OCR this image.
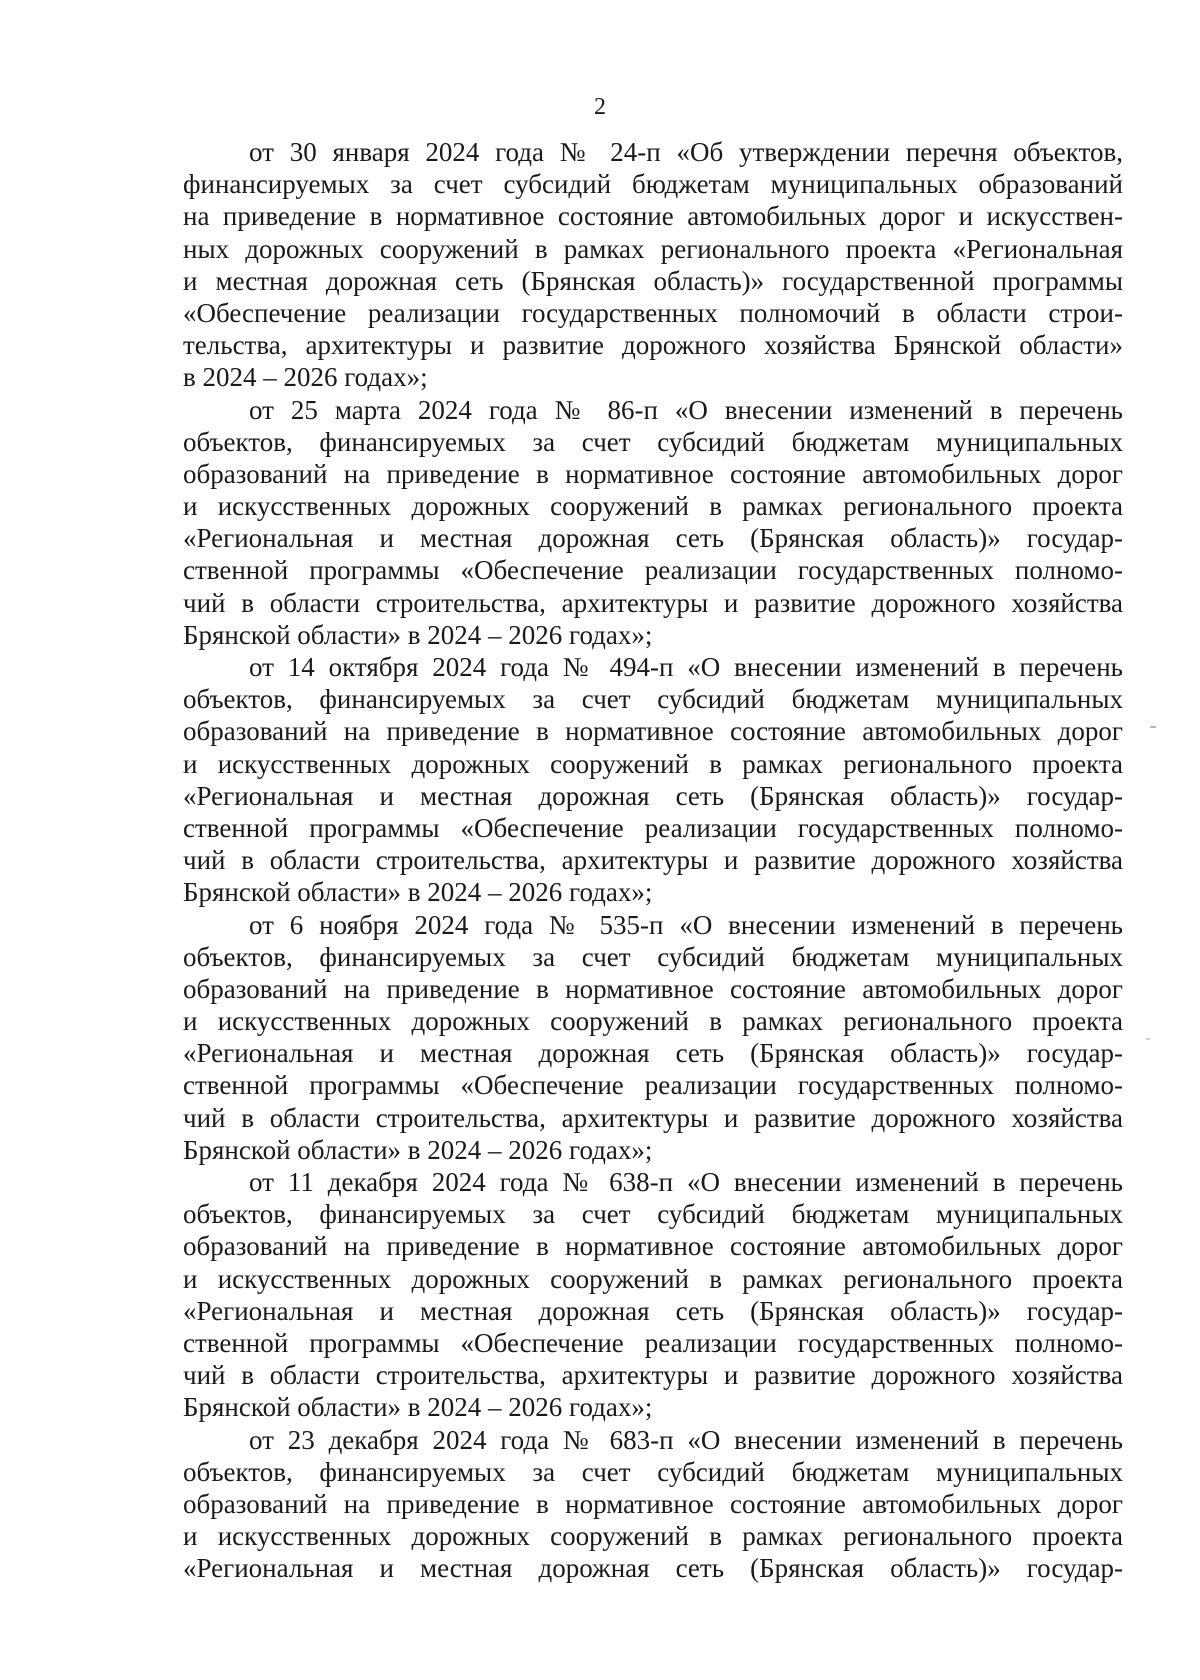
2
от 30 января 2024 года № 24-п «Об утверждении перечня объектов,
финансируемых за счет субсидий бюджетам муниципальных образований
на приведение в нормативное состояние автомобильных дорог и искусствен-
ных дорожных сооружений в рамках регионального проекта «Региональная
и местная дорожная сеть (Брянская область)» государственной программы
«Обеспечение реализации государственных полномочий в области строи-
тельства, архитектуры и развитие дорожного хозяйства Брянской области»
в 2024 – 2026 годах»;
от 25 марта 2024 года № 86-п «О внесении изменений в перечень
объектов, финансируемых за счет субсидий бюджетам муниципальных
образований на приведение в нормативное состояние автомобильных дорог
и искусственных дорожных сооружений в рамках регионального проекта
«Региональная и местная дорожная сеть (Брянская область)» государ-
ственной программы «Обеспечение реализации государственных полномо-
чий в области строительства, архитектуры и развитие дорожного хозяйства
Брянской области» в 2024 – 2026 годах»;
от 14 октября 2024 года № 494-п «О внесении изменений в перечень
объектов, финансируемых за счет субсидий бюджетам муниципальных
образований на приведение в нормативное состояние автомобильных дорог
и искусственных дорожных сооружений в рамках регионального проекта
«Региональная и местная дорожная сеть (Брянская область)» государ-
ственной программы «Обеспечение реализации государственных полномо-
чий в области строительства, архитектуры и развитие дорожного хозяйства
Брянской области» в 2024 – 2026 годах»;
от 6 ноября 2024 года № 535-п «О внесении изменений в перечень
объектов, финансируемых за счет субсидий бюджетам муниципальных
образований на приведение в нормативное состояние автомобильных дорог
и искусственных дорожных сооружений в рамках регионального проекта
«Региональная и местная дорожная сеть (Брянская область)» государ-
ственной программы «Обеспечение реализации государственных полномо-
чий в области строительства, архитектуры и развитие дорожного хозяйства
Брянской области» в 2024 – 2026 годах»;
от 11 декабря 2024 года № 638-п «О внесении изменений в перечень
объектов, финансируемых за счет субсидий бюджетам муниципальных
образований на приведение в нормативное состояние автомобильных дорог
и искусственных дорожных сооружений в рамках регионального проекта
«Региональная и местная дорожная сеть (Брянская область)» государ-
ственной программы «Обеспечение реализации государственных полномо-
чий в области строительства, архитектуры и развитие дорожного хозяйства
Брянской области» в 2024 – 2026 годах»;
от 23 декабря 2024 года № 683-п «О внесении изменений в перечень
объектов, финансируемых за счет субсидий бюджетам муниципальных
образований на приведение в нормативное состояние автомобильных дорог
и искусственных дорожных сооружений в рамках регионального проекта
«Региональная и местная дорожная сеть (Брянская область)» государ-
